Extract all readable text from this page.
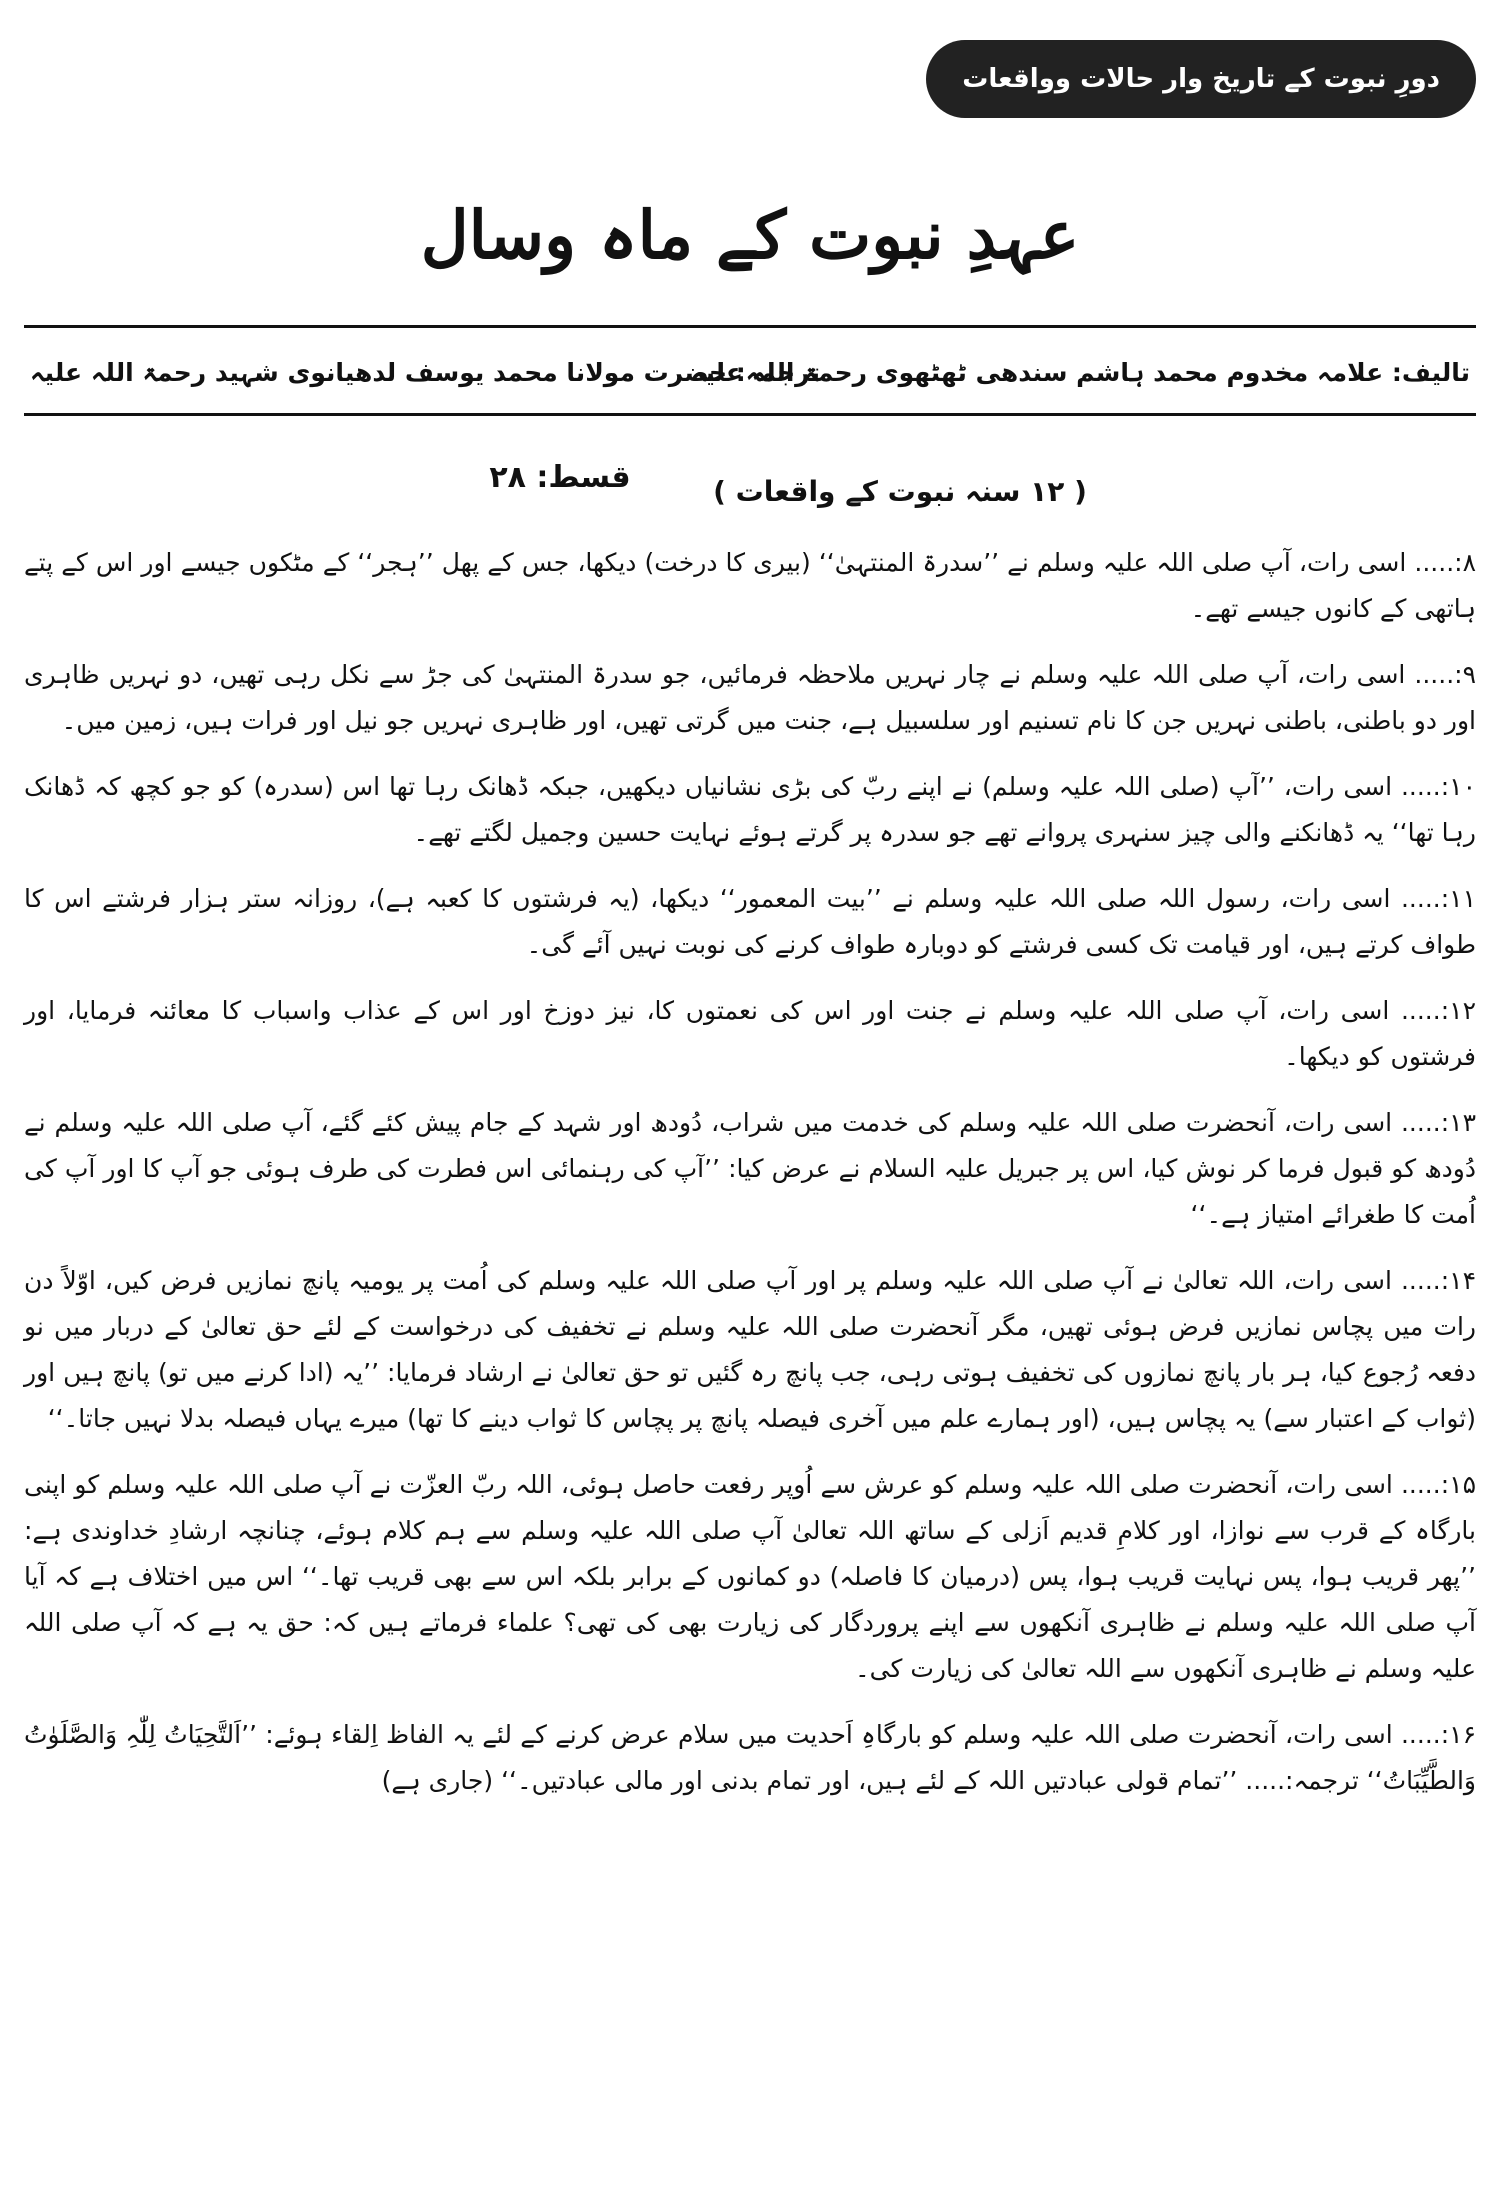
دورِ نبوت کے تاریخ وار حالات وواقعات
عہدِ نبوت کے ماہ وسال
تالیف: علامہ مخدوم محمد ہاشم سندھی ٹھٹھوی رحمۃ اللہ علیہ
ترجمہ: حضرت مولانا محمد یوسف لدھیانوی شہید رحمۃ اللہ علیہ
قسط: ۲۸	( ۱۲ سنہ نبوت کے واقعات )

۸:..... اسی رات، آپ صلی اللہ علیہ وسلم نے ’’سدرۃ المنتہیٰ‘‘ (بیری کا درخت) دیکھا، جس کے پھل ’’ہجر‘‘ کے مٹکوں جیسے اور اس کے پتے ہاتھی کے کانوں جیسے تھے۔

۹:..... اسی رات، آپ صلی اللہ علیہ وسلم نے چار نہریں ملاحظہ فرمائیں، جو سدرۃ المنتہیٰ کی جڑ سے نکل رہی تھیں، دو نہریں ظاہری اور دو باطنی، باطنی نہریں جن کا نام تسنیم اور سلسبیل ہے، جنت میں گرتی تھیں، اور ظاہری نہریں جو نیل اور فرات ہیں، زمین میں۔

۱۰:..... اسی رات، ’’آپ (صلی اللہ علیہ وسلم) نے اپنے ربّ کی بڑی نشانیاں دیکھیں، جبکہ ڈھانک رہا تھا اس (سدرہ) کو جو کچھ کہ ڈھانک رہا تھا‘‘ یہ ڈھانکنے والی چیز سنہری پروانے تھے جو سدرہ پر گرتے ہوئے نہایت حسین وجمیل لگتے تھے۔

۱۱:..... اسی رات، رسول اللہ صلی اللہ علیہ وسلم نے ’’بیت المعمور‘‘ دیکھا، (یہ فرشتوں کا کعبہ ہے)، روزانہ ستر ہزار فرشتے اس کا طواف کرتے ہیں، اور قیامت تک کسی فرشتے کو دوبارہ طواف کرنے کی نوبت نہیں آئے گی۔

۱۲:..... اسی رات، آپ صلی اللہ علیہ وسلم نے جنت اور اس کی نعمتوں کا، نیز دوزخ اور اس کے عذاب واسباب کا معائنہ فرمایا، اور فرشتوں کو دیکھا۔

۱۳:..... اسی رات، آنحضرت صلی اللہ علیہ وسلم کی خدمت میں شراب، دُودھ اور شہد کے جام پیش کئے گئے، آپ صلی اللہ علیہ وسلم نے دُودھ کو قبول فرما کر نوش کیا، اس پر جبریل علیہ السلام نے عرض کیا: ’’آپ کی رہنمائی اس فطرت کی طرف ہوئی جو آپ کا اور آپ کی اُمت کا طغرائے امتیاز ہے۔‘‘

۱۴:..... اسی رات، اللہ تعالیٰ نے آپ صلی اللہ علیہ وسلم پر اور آپ صلی اللہ علیہ وسلم کی اُمت پر یومیہ پانچ نمازیں فرض کیں، اوّلاً دن رات میں پچاس نمازیں فرض ہوئی تھیں، مگر آنحضرت صلی اللہ علیہ وسلم نے تخفیف کی درخواست کے لئے حق تعالیٰ کے دربار میں نو دفعہ رُجوع کیا، ہر بار پانچ نمازوں کی تخفیف ہوتی رہی، جب پانچ رہ گئیں تو حق تعالیٰ نے ارشاد فرمایا: ’’یہ (ادا کرنے میں تو) پانچ ہیں اور (ثواب کے اعتبار سے) یہ پچاس ہیں، (اور ہمارے علم میں آخری فیصلہ پانچ پر پچاس کا ثواب دینے کا تھا) میرے یہاں فیصلہ بدلا نہیں جاتا۔‘‘

۱۵:..... اسی رات، آنحضرت صلی اللہ علیہ وسلم کو عرش سے اُوپر رفعت حاصل ہوئی، اللہ ربّ العزّت نے آپ صلی اللہ علیہ وسلم کو اپنی بارگاہ کے قرب سے نوازا، اور کلامِ قدیم اَزلی کے ساتھ اللہ تعالیٰ آپ صلی اللہ علیہ وسلم سے ہم کلام ہوئے، چنانچہ ارشادِ خداوندی ہے: ’’پھر قریب ہوا، پس نہایت قریب ہوا، پس (درمیان کا فاصلہ) دو کمانوں کے برابر بلکہ اس سے بھی قریب تھا۔‘‘ اس میں اختلاف ہے کہ آیا آپ صلی اللہ علیہ وسلم نے ظاہری آنکھوں سے اپنے پروردگار کی زیارت بھی کی تھی؟ علماء فرماتے ہیں کہ: حق یہ ہے کہ آپ صلی اللہ علیہ وسلم نے ظاہری آنکھوں سے اللہ تعالیٰ کی زیارت کی۔

۱۶:..... اسی رات، آنحضرت صلی اللہ علیہ وسلم کو بارگاہِ اَحدیت میں سلام عرض کرنے کے لئے یہ الفاظ اِلقاء ہوئے: ’’اَلتَّحِیَاتُ لِلّٰہِ وَالصَّلَوٰتُ وَالطَّیِّبَاتُ‘‘ ترجمہ:..... ’’تمام قولی عبادتیں اللہ کے لئے ہیں، اور تمام بدنی اور مالی عبادتیں۔‘‘ (جاری ہے)
